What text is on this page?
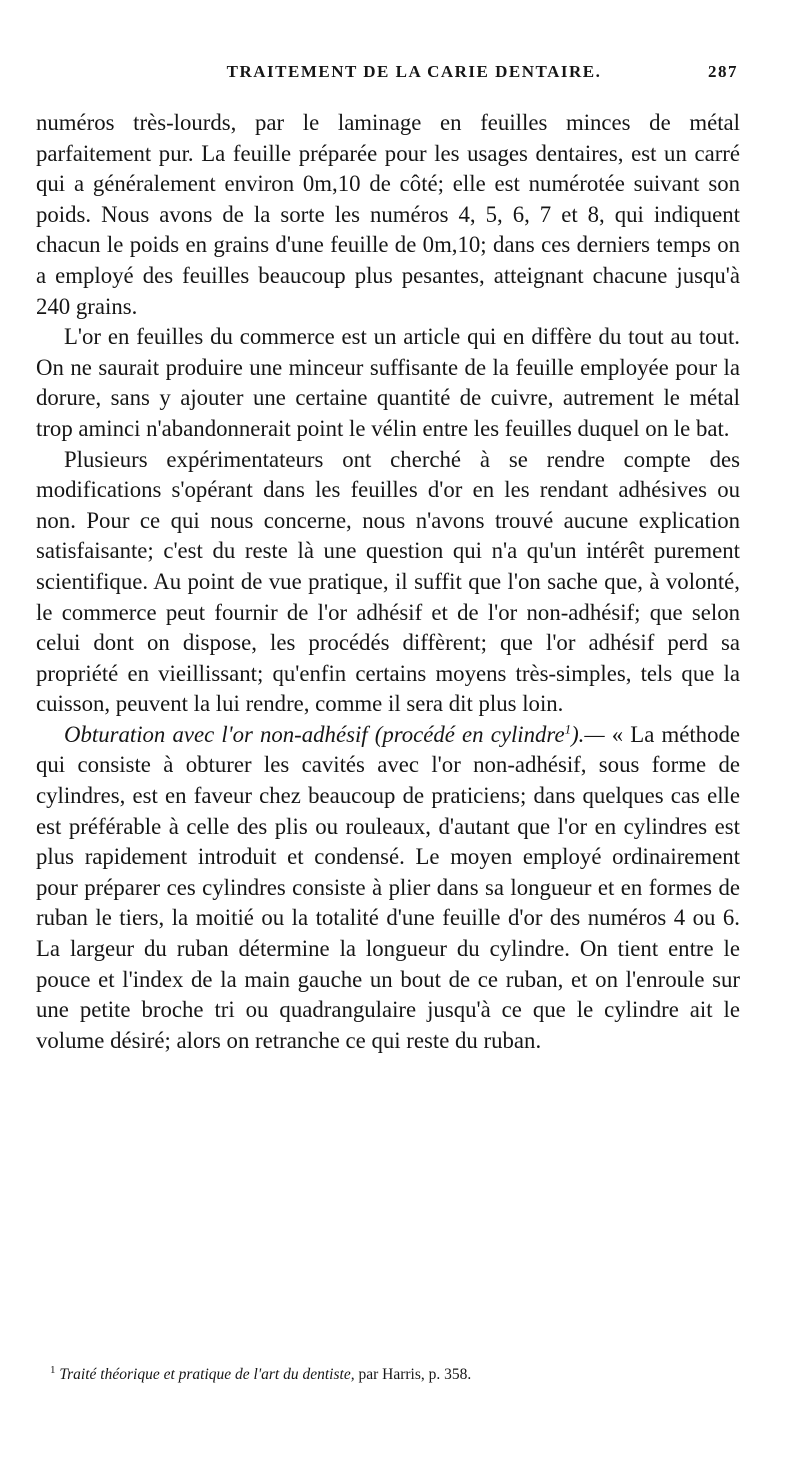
TRAITEMENT DE LA CARIE DENTAIRE.	287

numéros très-lourds, par le laminage en feuilles minces de métal parfaitement pur. La feuille préparée pour les usages dentaires, est un carré qui a généralement environ 0m,10 de côté; elle est numérotée suivant son poids. Nous avons de la sorte les numéros 4, 5, 6, 7 et 8, qui indiquent chacun le poids en grains d'une feuille de 0m,10; dans ces derniers temps on a employé des feuilles beaucoup plus pesantes, atteignant chacune jusqu'à 240 grains.

L'or en feuilles du commerce est un article qui en diffère du tout au tout. On ne saurait produire une minceur suffisante de la feuille employée pour la dorure, sans y ajouter une certaine quantité de cuivre, autrement le métal trop aminci n'abandonnerait point le vélin entre les feuilles duquel on le bat.

Plusieurs expérimentateurs ont cherché à se rendre compte des modifications s'opérant dans les feuilles d'or en les rendant adhésives ou non. Pour ce qui nous concerne, nous n'avons trouvé aucune explication satisfaisante; c'est du reste là une question qui n'a qu'un intérêt purement scientifique. Au point de vue pratique, il suffit que l'on sache que, à volonté, le commerce peut fournir de l'or adhésif et de l'or non-adhésif; que selon celui dont on dispose, les procédés diffèrent; que l'or adhésif perd sa propriété en vieillissant; qu'enfin certains moyens très-simples, tels que la cuisson, peuvent la lui rendre, comme il sera dit plus loin.

Obturation avec l'or non-adhésif (procédé en cylindre$^1$).— « La méthode qui consiste à obturer les cavités avec l'or non-adhésif, sous forme de cylindres, est en faveur chez beaucoup de praticiens; dans quelques cas elle est préférable à celle des plis ou rouleaux, d'autant que l'or en cylindres est plus rapidement introduit et condensé. Le moyen employé ordinairement pour préparer ces cylindres consiste à plier dans sa longueur et en formes de ruban le tiers, la moitié ou la totalité d'une feuille d'or des numéros 4 ou 6. La largeur du ruban détermine la longueur du cylindre. On tient entre le pouce et l'index de la main gauche un bout de ce ruban, et on l'enroule sur une petite broche tri ou quadrangulaire jusqu'à ce que le cylindre ait le volume désiré; alors on retranche ce qui reste du ruban.

$^1$ Traité théorique et pratique de l'art du dentiste, par Harris, p. 358.
